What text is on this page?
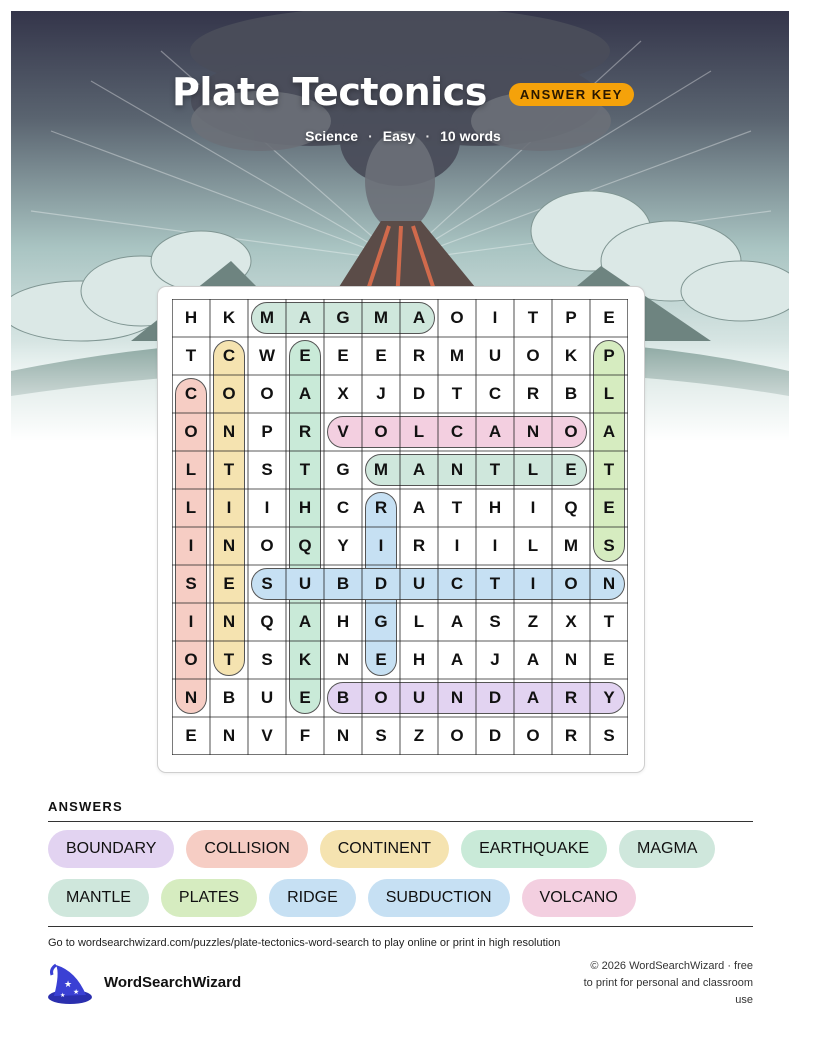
Plate Tectonics	ANSWER KEY
Science · Easy · 10 words
H	K	M	A	G	M	A	O	I	T	P	E
T	C	W	E	E	E	R	M	U	O	K	P
C	O	O	A	X	J	D	T	C	R	B	L
O	N	P	R	V	O	L	C	A	N	O	A
L	T	S	T	G	M	A	N	T	L	E	T
L	I	I	H	C	R	A	T	H	I	Q	E
I	N	O	Q	Y	I	R	I	I	L	M	S
S	E	S	U	B	D	U	C	T	I	O	N
I	N	Q	A	H	G	L	A	S	Z	X	T
O	T	S	K	N	E	H	A	J	A	N	E
N	B	U	E	B	O	U	N	D	A	R	Y
E	N	V	F	N	S	Z	O	D	O	R	S
ANSWERS
BOUNDARY	COLLISION	CONTINENT	EARTHQUAKE	MAGMA
MANTLE	PLATES	RIDGE	SUBDUCTION	VOLCANO
Go to wordsearchwizard.com/puzzles/plate-tectonics-word-search to play online or print in high resolution
★
★
★
WordSearchWizard
© 2026 WordSearchWizard · free to print for personal and classroom use
